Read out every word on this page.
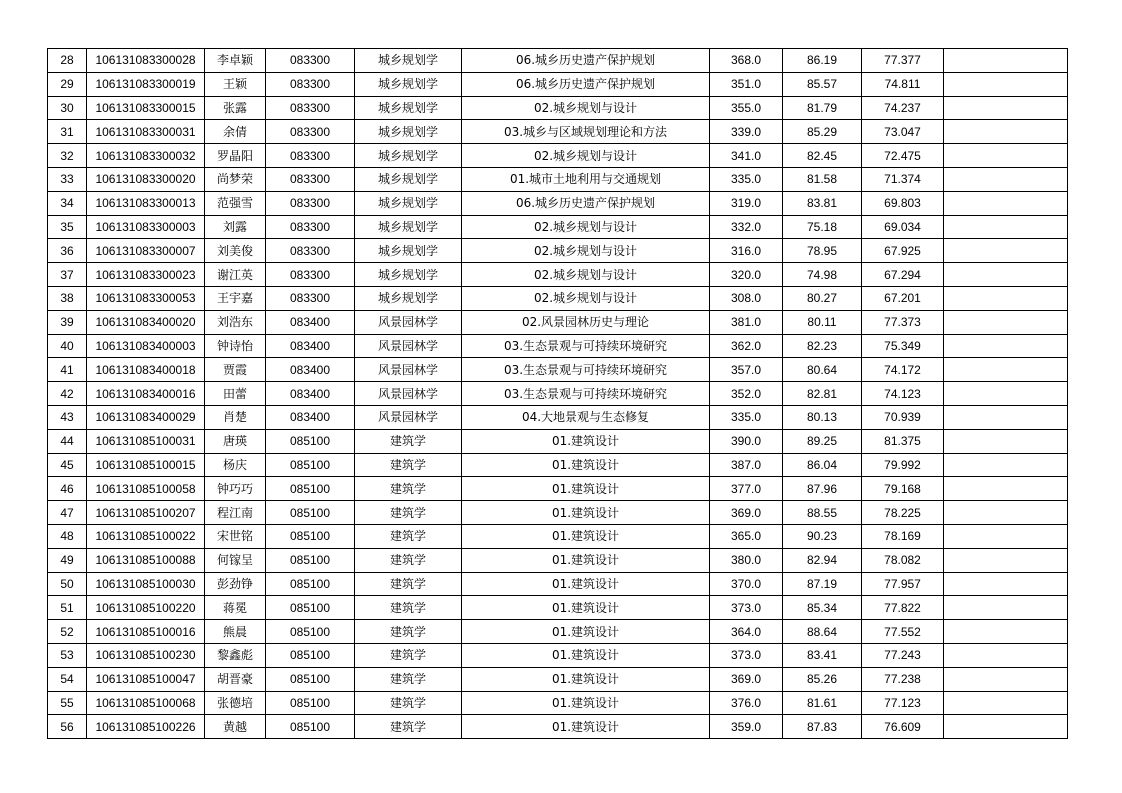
28	106131083300028	李卓颖	083300	城乡规划学	06.城乡历史遗产保护规划	368.0	86.19	77.377	
29	106131083300019	王颖	083300	城乡规划学	06.城乡历史遗产保护规划	351.0	85.57	74.811	
30	106131083300015	张露	083300	城乡规划学	02.城乡规划与设计	355.0	81.79	74.237	
31	106131083300031	余倩	083300	城乡规划学	03.城乡与区域规划理论和方法	339.0	85.29	73.047	
32	106131083300032	罗晶阳	083300	城乡规划学	02.城乡规划与设计	341.0	82.45	72.475	
33	106131083300020	尚梦荣	083300	城乡规划学	01.城市土地利用与交通规划	335.0	81.58	71.374	
34	106131083300013	范强雪	083300	城乡规划学	06.城乡历史遗产保护规划	319.0	83.81	69.803	
35	106131083300003	刘露	083300	城乡规划学	02.城乡规划与设计	332.0	75.18	69.034	
36	106131083300007	刘美俊	083300	城乡规划学	02.城乡规划与设计	316.0	78.95	67.925	
37	106131083300023	谢江英	083300	城乡规划学	02.城乡规划与设计	320.0	74.98	67.294	
38	106131083300053	王宇嘉	083300	城乡规划学	02.城乡规划与设计	308.0	80.27	67.201	
39	106131083400020	刘浩东	083400	风景园林学	02.风景园林历史与理论	381.0	80.11	77.373	
40	106131083400003	钟诗怡	083400	风景园林学	03.生态景观与可持续环境研究	362.0	82.23	75.349	
41	106131083400018	贾霞	083400	风景园林学	03.生态景观与可持续环境研究	357.0	80.64	74.172	
42	106131083400016	田蕾	083400	风景园林学	03.生态景观与可持续环境研究	352.0	82.81	74.123	
43	106131083400029	肖楚	083400	风景园林学	04.大地景观与生态修复	335.0	80.13	70.939	
44	106131085100031	唐瑛	085100	建筑学	01.建筑设计	390.0	89.25	81.375	
45	106131085100015	杨庆	085100	建筑学	01.建筑设计	387.0	86.04	79.992	
46	106131085100058	钟巧巧	085100	建筑学	01.建筑设计	377.0	87.96	79.168	
47	106131085100207	程江南	085100	建筑学	01.建筑设计	369.0	88.55	78.225	
48	106131085100022	宋世铭	085100	建筑学	01.建筑设计	365.0	90.23	78.169	
49	106131085100088	何镓呈	085100	建筑学	01.建筑设计	380.0	82.94	78.082	
50	106131085100030	彭劲铮	085100	建筑学	01.建筑设计	370.0	87.19	77.957	
51	106131085100220	蒋冕	085100	建筑学	01.建筑设计	373.0	85.34	77.822	
52	106131085100016	熊晨	085100	建筑学	01.建筑设计	364.0	88.64	77.552	
53	106131085100230	黎鑫彪	085100	建筑学	01.建筑设计	373.0	83.41	77.243	
54	106131085100047	胡晋豪	085100	建筑学	01.建筑设计	369.0	85.26	77.238	
55	106131085100068	张德培	085100	建筑学	01.建筑设计	376.0	81.61	77.123	
56	106131085100226	黄越	085100	建筑学	01.建筑设计	359.0	87.83	76.609	
